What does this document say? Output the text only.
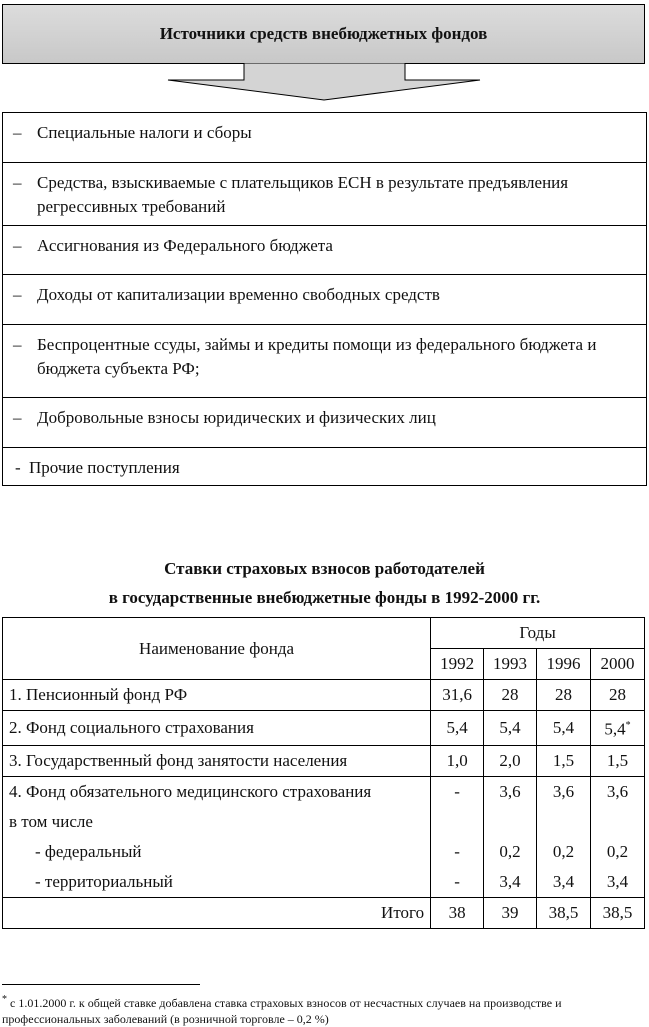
Источники средств внебюджетных фондов
– Специальные налоги и сборы
– Средства, взыскиваемые с плательщиков ЕСН в результате предъявления регрессивных требований
– Ассигнования из Федерального бюджета
– Доходы от капитализации временно свободных средств
– Беспроцентные ссуды, займы и кредиты помощи из федерального бюджета и бюджета субъекта РФ;
– Добровольные взносы юридических и физических лиц
- Прочие поступления
Ставки страховых взносов работодателей
в государственные внебюджетные фонды в 1992-2000 гг.
Наименование фонда	Годы			
	1992	1993	1996	2000
1. Пенсионный фонд РФ	31,6	28	28	28
2. Фонд социального страхования	5,4	5,4	5,4	5,4*
3. Государственный фонд занятости населения	1,0	2,0	1,5	1,5
4. Фонд обязательного медицинского страхования	-	3,6	3,6	3,6
в том числе				
- федеральный	-	0,2	0,2	0,2
- территориальный	-	3,4	3,4	3,4
Итого	38	39	38,5	38,5
* с 1.01.2000 г. к общей ставке добавлена ставка страховых взносов от несчастных случаев на производстве и профессиональных заболеваний (в розничной торговле – 0,2 %)
